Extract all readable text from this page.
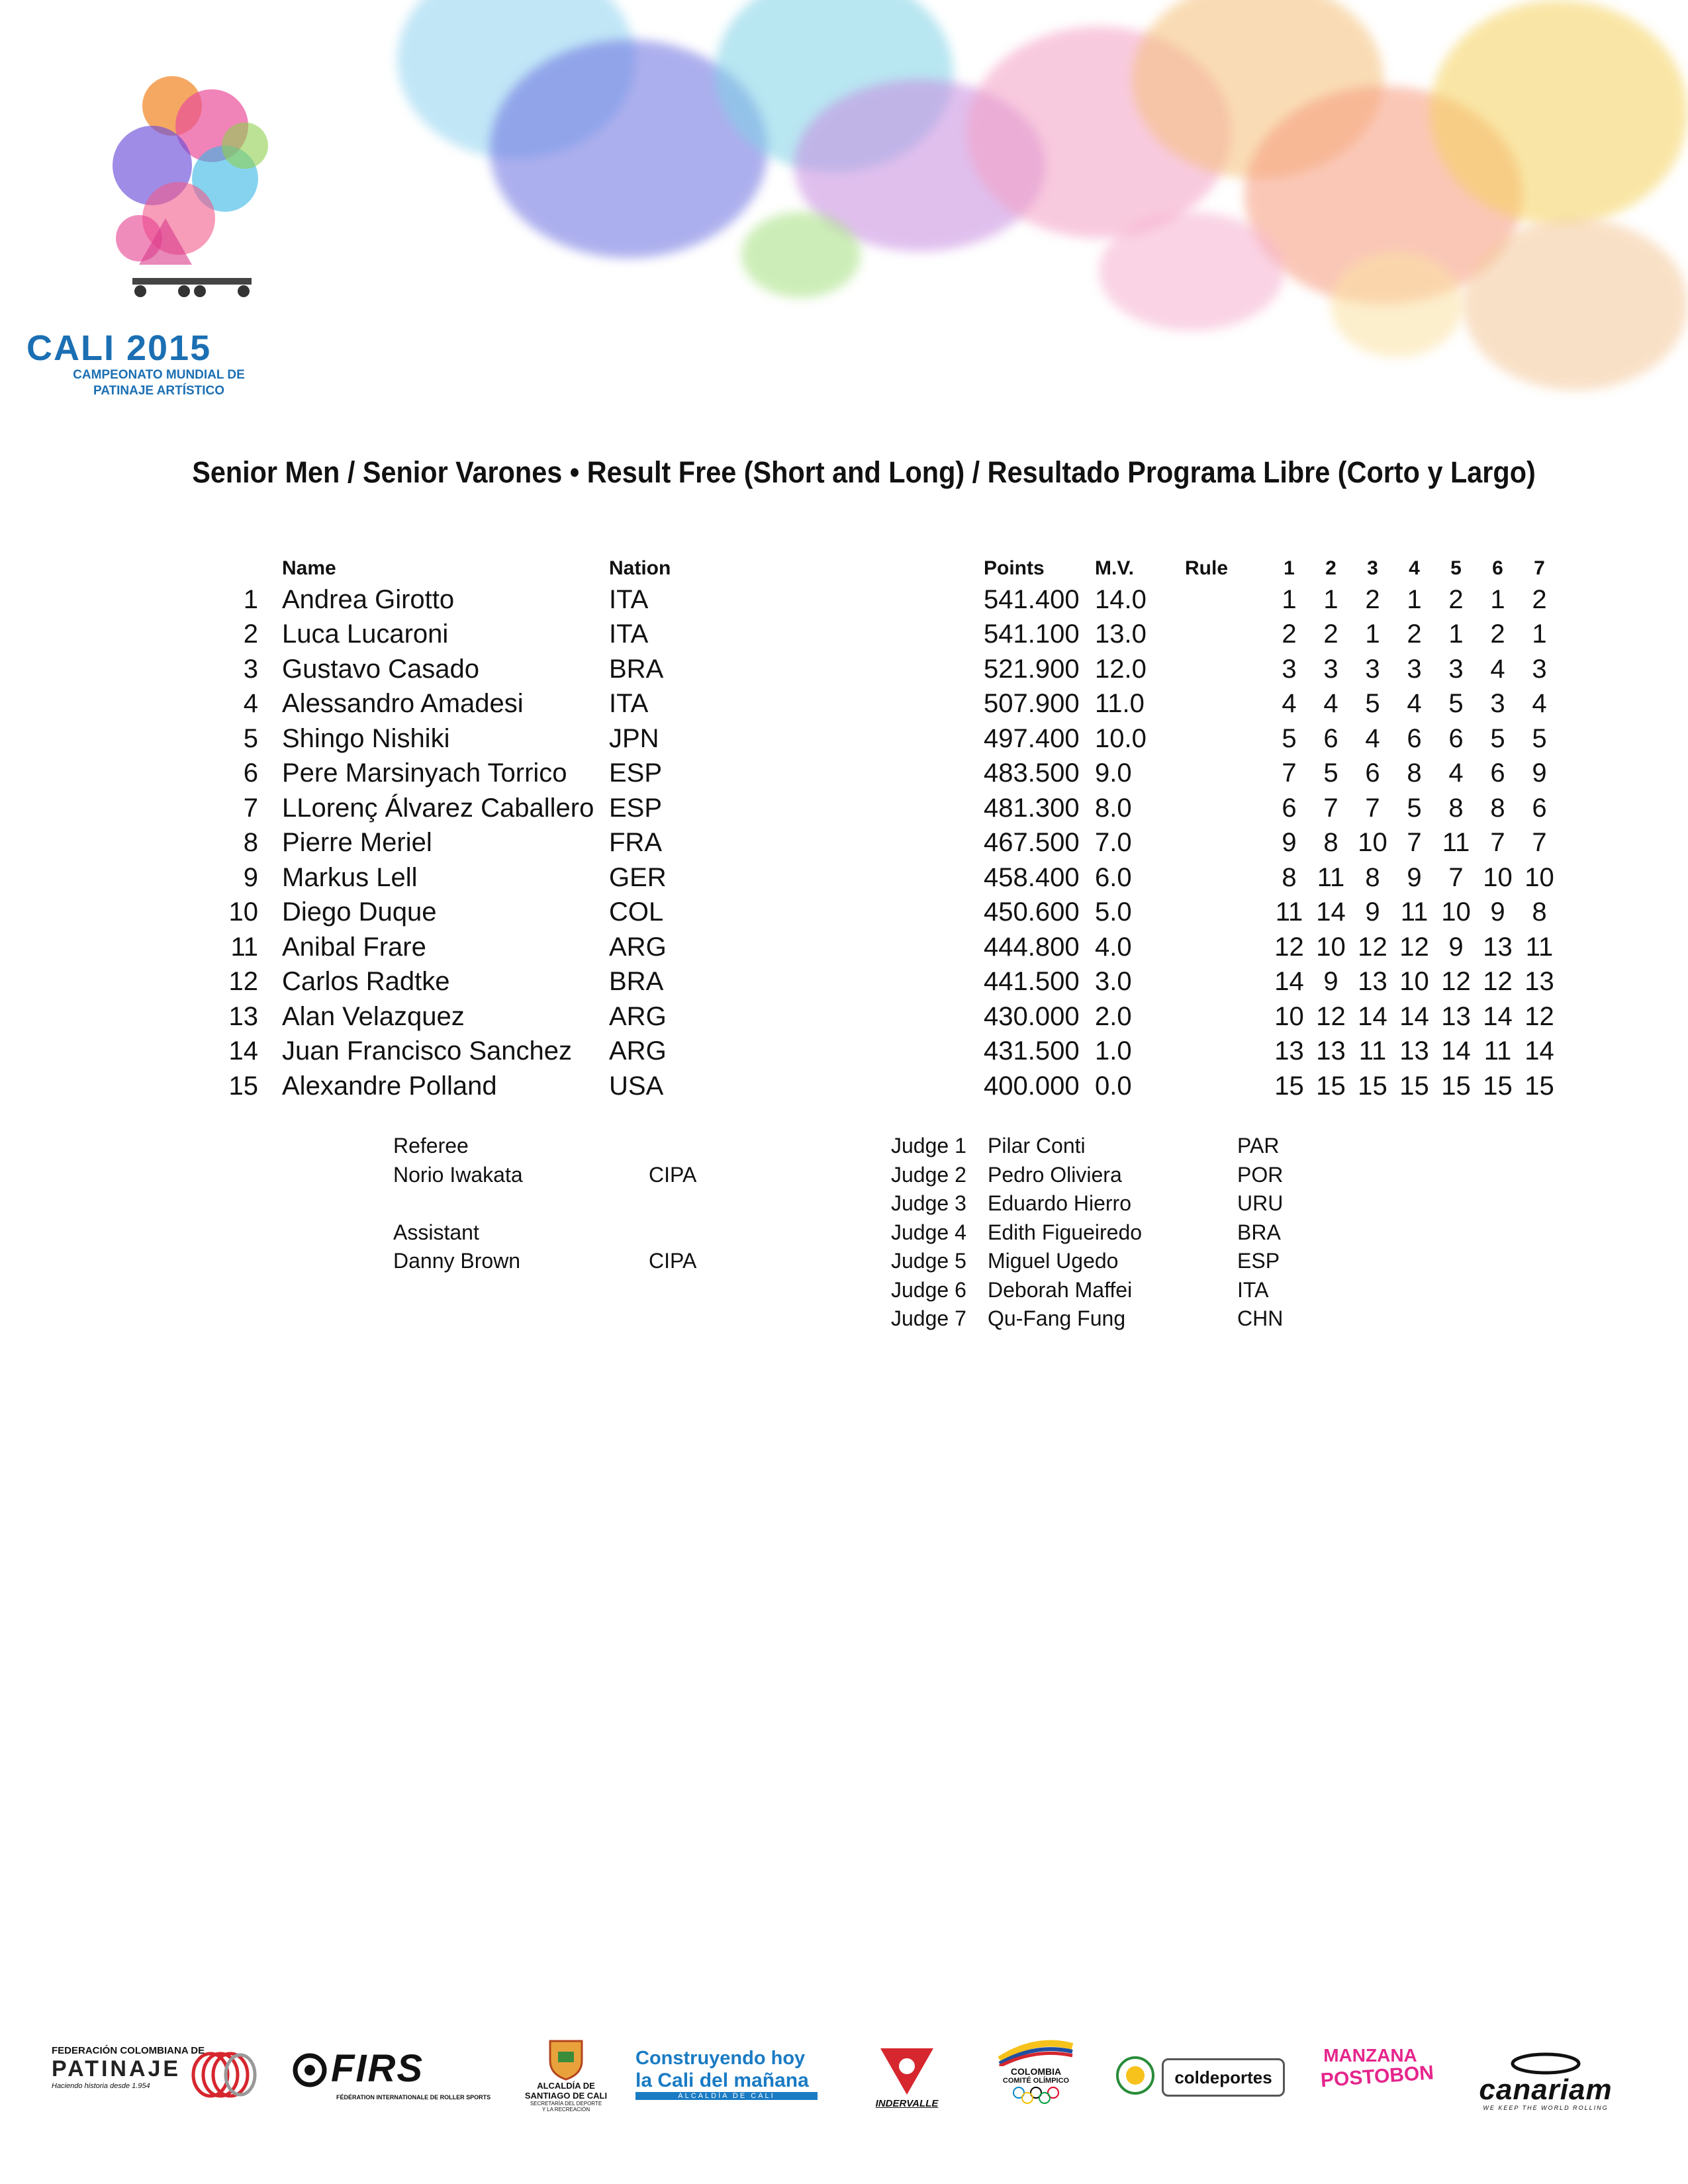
CALI 2015
CAMPEONATO MUNDIAL DE
PATINAJE ARTÍSTICO
Senior Men / Senior Varones • Result Free (Short and Long) / Resultado Programa Libre (Corto y Largo)
	Name	Nation	Points	M.V.	Rule	1	2	3	4	5	6	7
1	Andrea Girotto	ITA	541.400	14.0		1	1	2	1	2	1	2
2	Luca Lucaroni	ITA	541.100	13.0		2	2	1	2	1	2	1
3	Gustavo Casado	BRA	521.900	12.0		3	3	3	3	3	4	3
4	Alessandro Amadesi	ITA	507.900	11.0		4	4	5	4	5	3	4
5	Shingo Nishiki	JPN	497.400	10.0		5	6	4	6	6	5	5
6	Pere Marsinyach Torrico	ESP	483.500	9.0		7	5	6	8	4	6	9
7	LLorenç Álvarez Caballero	ESP	481.300	8.0		6	7	7	5	8	8	6
8	Pierre Meriel	FRA	467.500	7.0		9	8	10	7	11	7	7
9	Markus Lell	GER	458.400	6.0		8	11	8	9	7	10	10
10	Diego Duque	COL	450.600	5.0		11	14	9	11	10	9	8
11	Anibal Frare	ARG	444.800	4.0		12	10	12	12	9	13	11
12	Carlos Radtke	BRA	441.500	3.0		14	9	13	10	12	12	13
13	Alan Velazquez	ARG	430.000	2.0		10	12	14	14	13	14	12
14	Juan Francisco Sanchez	ARG	431.500	1.0		13	13	11	13	14	11	14
15	Alexandre Polland	USA	400.000	0.0		15	15	15	15	15	15	15
Referee
Norio Iwakata	CIPA
Assistant
Danny Brown	CIPA
Judge 1 Pilar Conti	PAR
Judge 2 Pedro Oliviera	POR
Judge 3 Eduardo Hierro	URU
Judge 4 Edith Figueiredo	BRA
Judge 5 Miguel Ugedo	ESP
Judge 6 Deborah Maffei	ITA
Judge 7 Qu-Fang Fung	CHN
FEDERACIÓN COLOMBIANA DE
PATINAJE
Haciendo historia desde 1.954	FIRS
FÉDÉRATION INTERNATIONALE DE ROLLER SPORTS
ALCALDÍA DE
SANTIAGO DE CALI
SECRETARÍA DEL DEPORTE
Y LA RECREACIÓN
Construyendo hoy
la Cali del mañana
ALCALDÍA DE CALI
INDERVALLE
COLOMBIA
COMITÉ OLÍMPICO	coldeportes
MANZANA
POSTOBON	canariam
WE KEEP THE WORLD ROLLING
